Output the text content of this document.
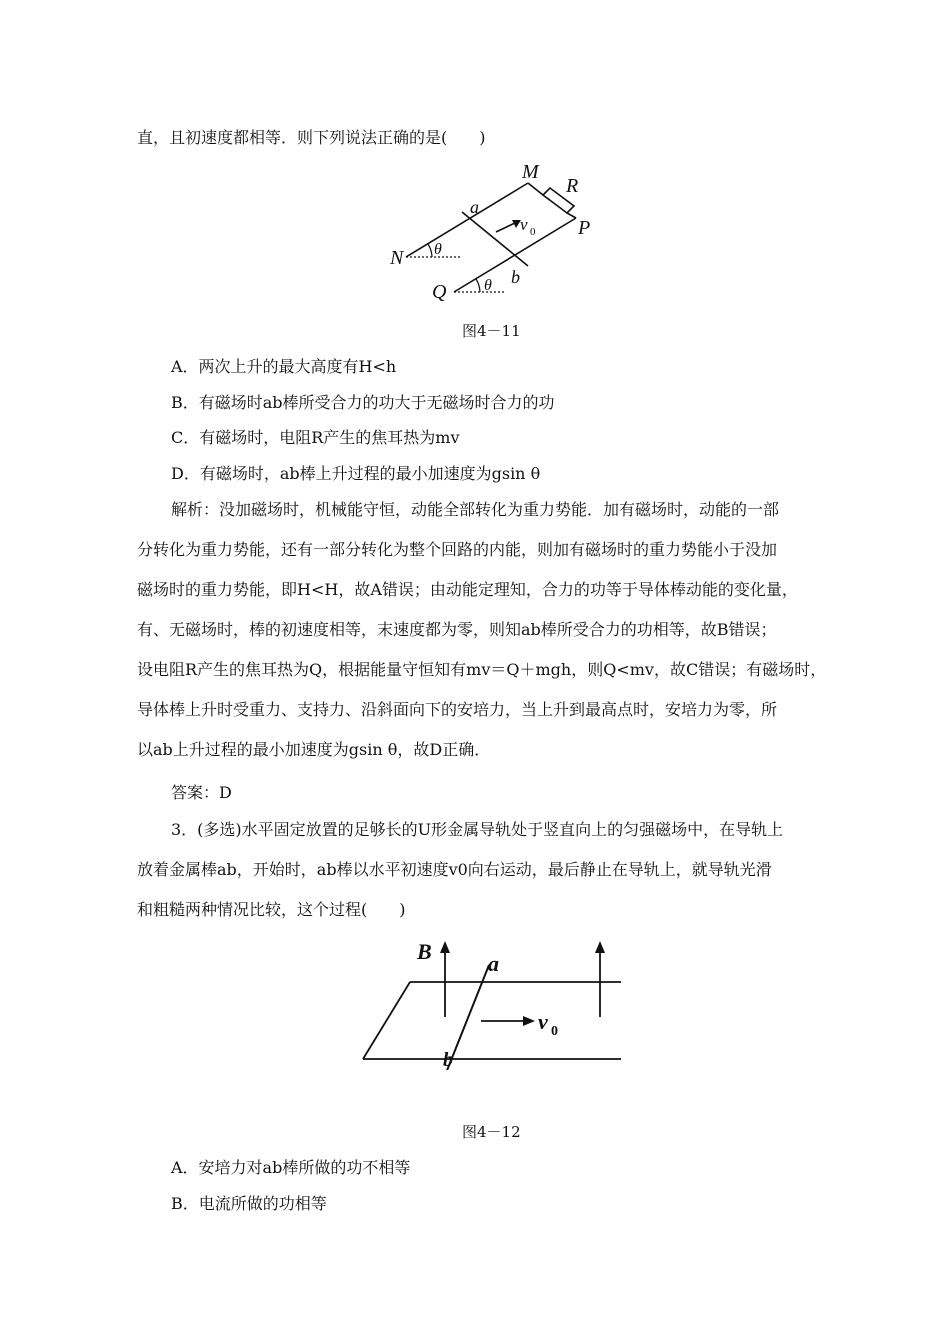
直，且初速度都相等．则下列说法正确的是(　　)
M
R
P
a
v 0
N θ
b
Q θ
图4－11
A．两次上升的最大高度有H<h
B．有磁场时ab棒所受合力的功大于无磁场时合力的功
C．有磁场时，电阻R产生的焦耳热为mv
D．有磁场时，ab棒上升过程的最小加速度为gsin θ
解析：没加磁场时，机械能守恒，动能全部转化为重力势能．加有磁场时，动能的一部
分转化为重力势能，还有一部分转化为整个回路的内能，则加有磁场时的重力势能小于没加
磁场时的重力势能，即H<H，故A错误；由动能定理知，合力的功等于导体棒动能的变化量，
有、无磁场时，棒的初速度相等，末速度都为零，则知ab棒所受合力的功相等，故B错误；
设电阻R产生的焦耳热为Q，根据能量守恒知有mv＝Q＋mgh，则Q<mv，故C错误；有磁场时，
导体棒上升时受重力、支持力、沿斜面向下的安培力，当上升到最高点时，安培力为零，所
以ab上升过程的最小加速度为gsin θ，故D正确．
答案：D
3．(多选)水平固定放置的足够长的U形金属导轨处于竖直向上的匀强磁场中，在导轨上
放着金属棒ab，开始时，ab棒以水平初速度v0向右运动，最后静止在导轨上，就导轨光滑
和粗糙两种情况比较，这个过程(　　)
B	a
v 0
b
图4－12
A．安培力对ab棒所做的功不相等
B．电流所做的功相等
